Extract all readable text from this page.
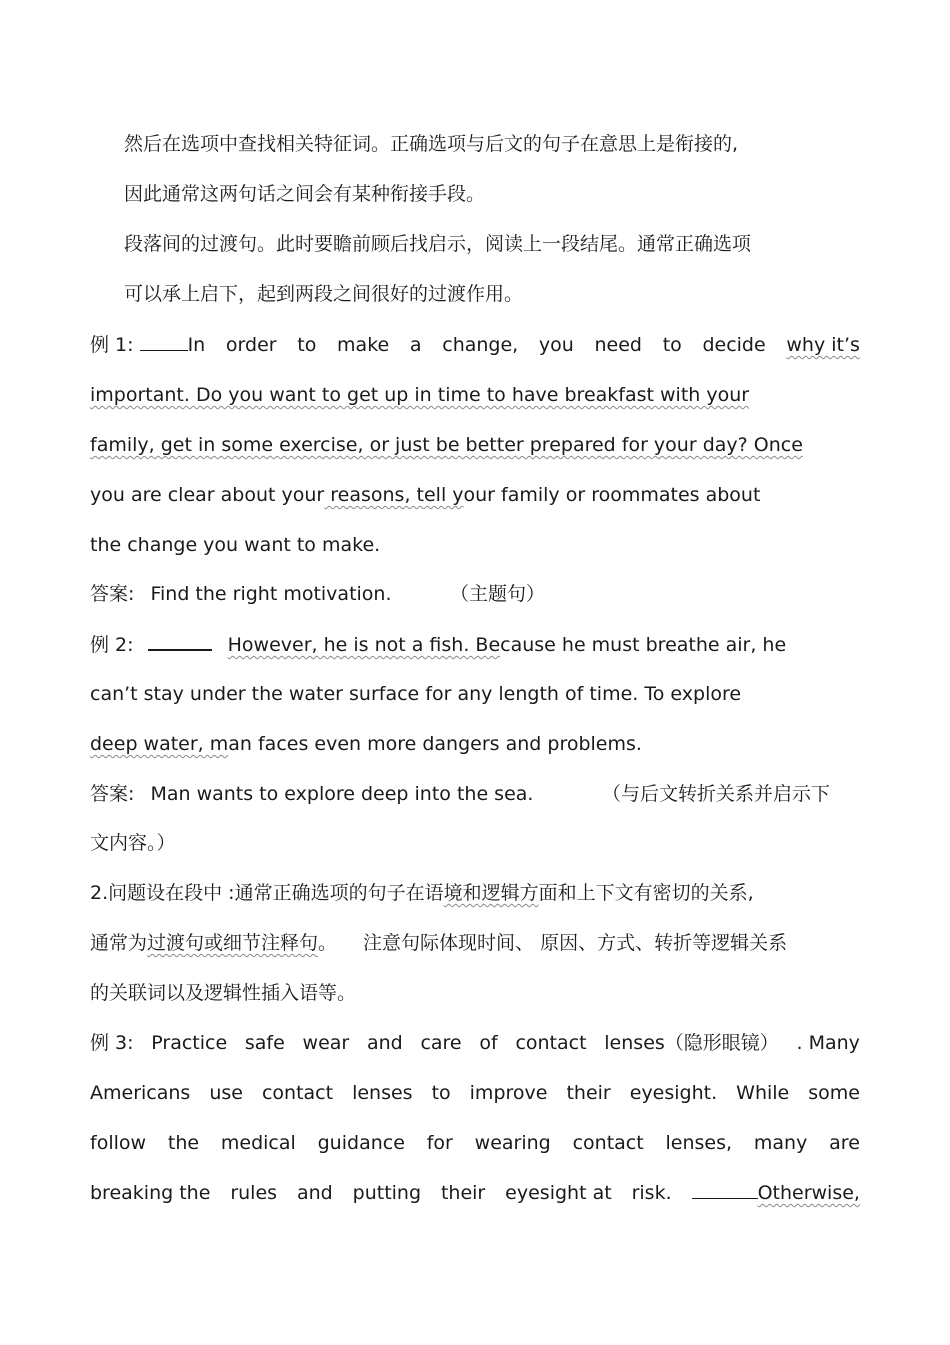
然后在选项中查找相关特征词。正确选项与后文的句子在意思上是衔接的,
因此通常这两句话之间会有某种衔接手段。
段落间的过渡句。此时要瞻前顾后找启示，阅读上一段结尾。通常正确选项
可以承上启下，起到两段之间很好的过渡作用。
例 1:	In order to make a change, you need to decide why it’s
important. Do you want to get up in time to have breakfast with your
family, get in some exercise, or just be better prepared for your day? Once
you are clear about your reasons, tell your family or roommates about
the change you want to make.
答案: Find the right motivation.	（主题句）
例 2:	However, he is not a fish. Because he must breathe air, he
can’t stay under the water surface for any length of time. To explore
deep water, man faces even more dangers and problems.
答案: Man wants to explore deep into the sea.	（与后文转折关系并启示下
文内容。）
2.问题设在段中 :通常正确选项的句子在语境和逻辑方面和上下文有密切的关系,
通常为过渡句或细节注释句。 注意句际体现时间、 原因、方式、转折等逻辑关系
的关联词以及逻辑性插入语等。
例 3: Practice safe wear and care of contact lenses（隐形眼镜） . Many
Americans use contact lenses to improve their eyesight. While some
follow the medical guidance for wearing contact lenses, many are
breaking the rules and putting their eyesight at risk.	Otherwise,
